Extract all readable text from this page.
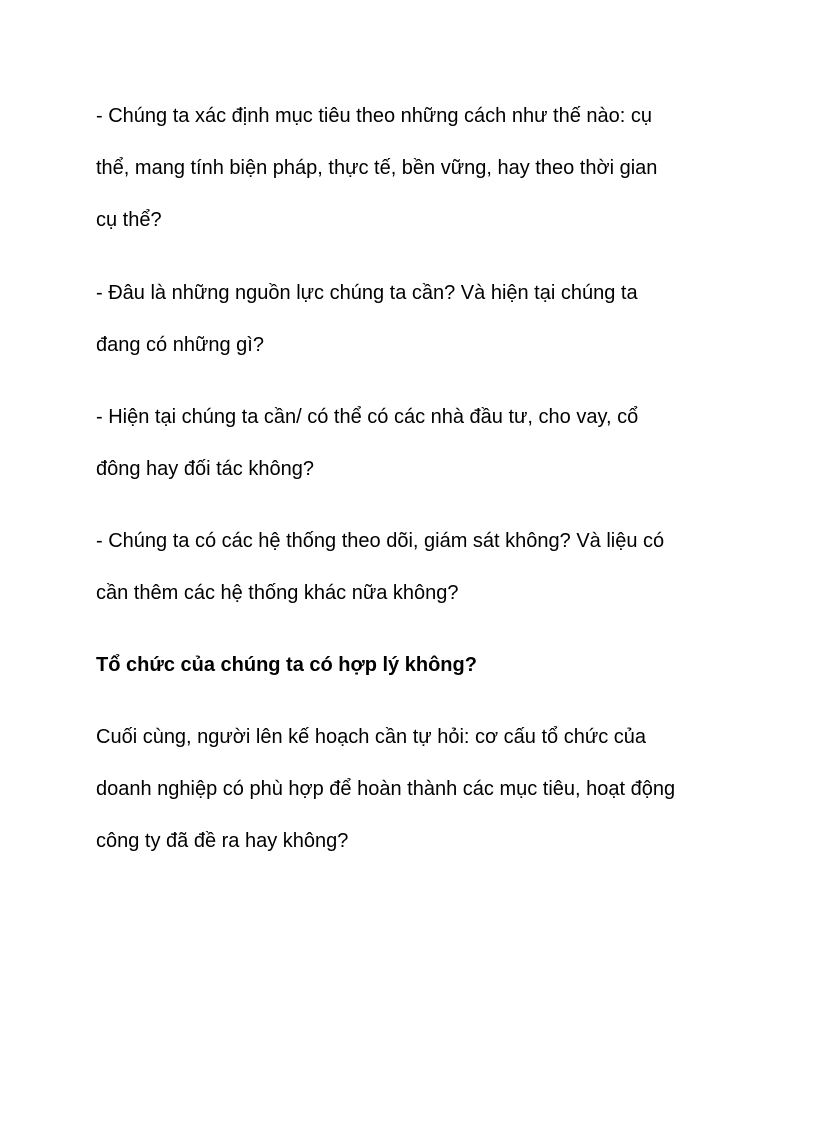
- Chúng ta xác định mục tiêu theo những cách như thế nào: cụ

thể, mang tính biện pháp, thực tế, bền vững, hay theo thời gian

cụ thể?

- Đâu là những nguồn lực chúng ta cần? Và hiện tại chúng ta

đang có những gì?

- Hiện tại chúng ta cần/ có thể có các nhà đầu tư, cho vay, cổ

đông hay đối tác không?

- Chúng ta có các hệ thống theo dõi, giám sát không? Và liệu có

cần thêm các hệ thống khác nữa không?

Tổ chức của chúng ta có hợp lý không?

Cuối cùng, người lên kế hoạch cần tự hỏi: cơ cấu tổ chức của

doanh nghiệp có phù hợp để hoàn thành các mục tiêu, hoạt động

công ty đã đề ra hay không?
